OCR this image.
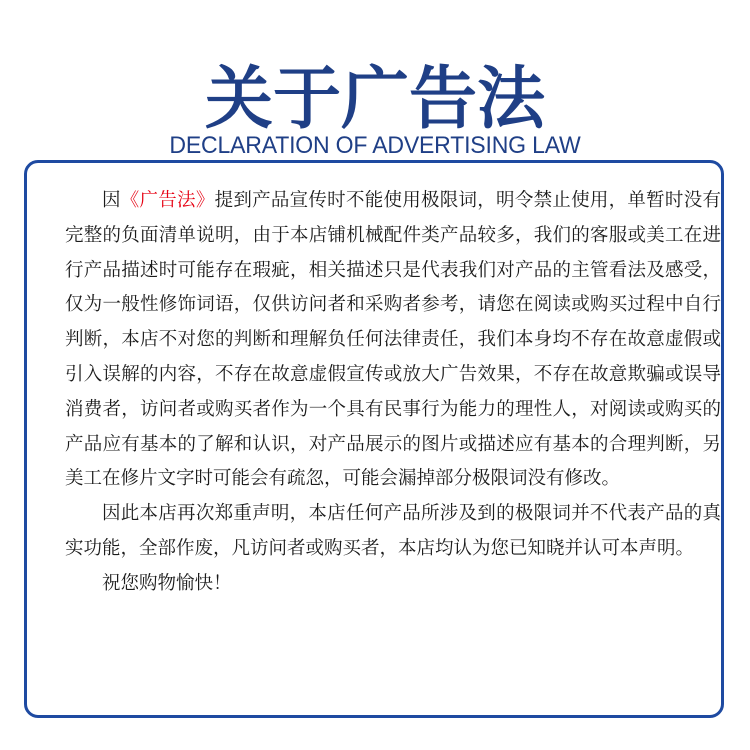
关于广告法
DECLARATION OF ADVERTISING LAW

因《广告法》提到产品宣传时不能使用极限词，明令禁止使用，单暂时没有完整的负面清单说明，由于本店铺机械配件类产品较多，我们的客服或美工在进行产品描述时可能存在瑕疵，相关描述只是代表我们对产品的主管看法及感受，仅为一般性修饰词语，仅供访问者和采购者参考，请您在阅读或购买过程中自行判断，本店不对您的判断和理解负任何法律责任，我们本身均不存在故意虚假或引入误解的内容，不存在故意虚假宣传或放大广告效果，不存在故意欺骗或误导消费者，访问者或购买者作为一个具有民事行为能力的理性人，对阅读或购买的产品应有基本的了解和认识，对产品展示的图片或描述应有基本的合理判断，另美工在修片文字时可能会有疏忽，可能会漏掉部分极限词没有修改。

因此本店再次郑重声明，本店任何产品所涉及到的极限词并不代表产品的真实功能，全部作废，凡访问者或购买者，本店均认为您已知晓并认可本声明。

祝您购物愉快！
